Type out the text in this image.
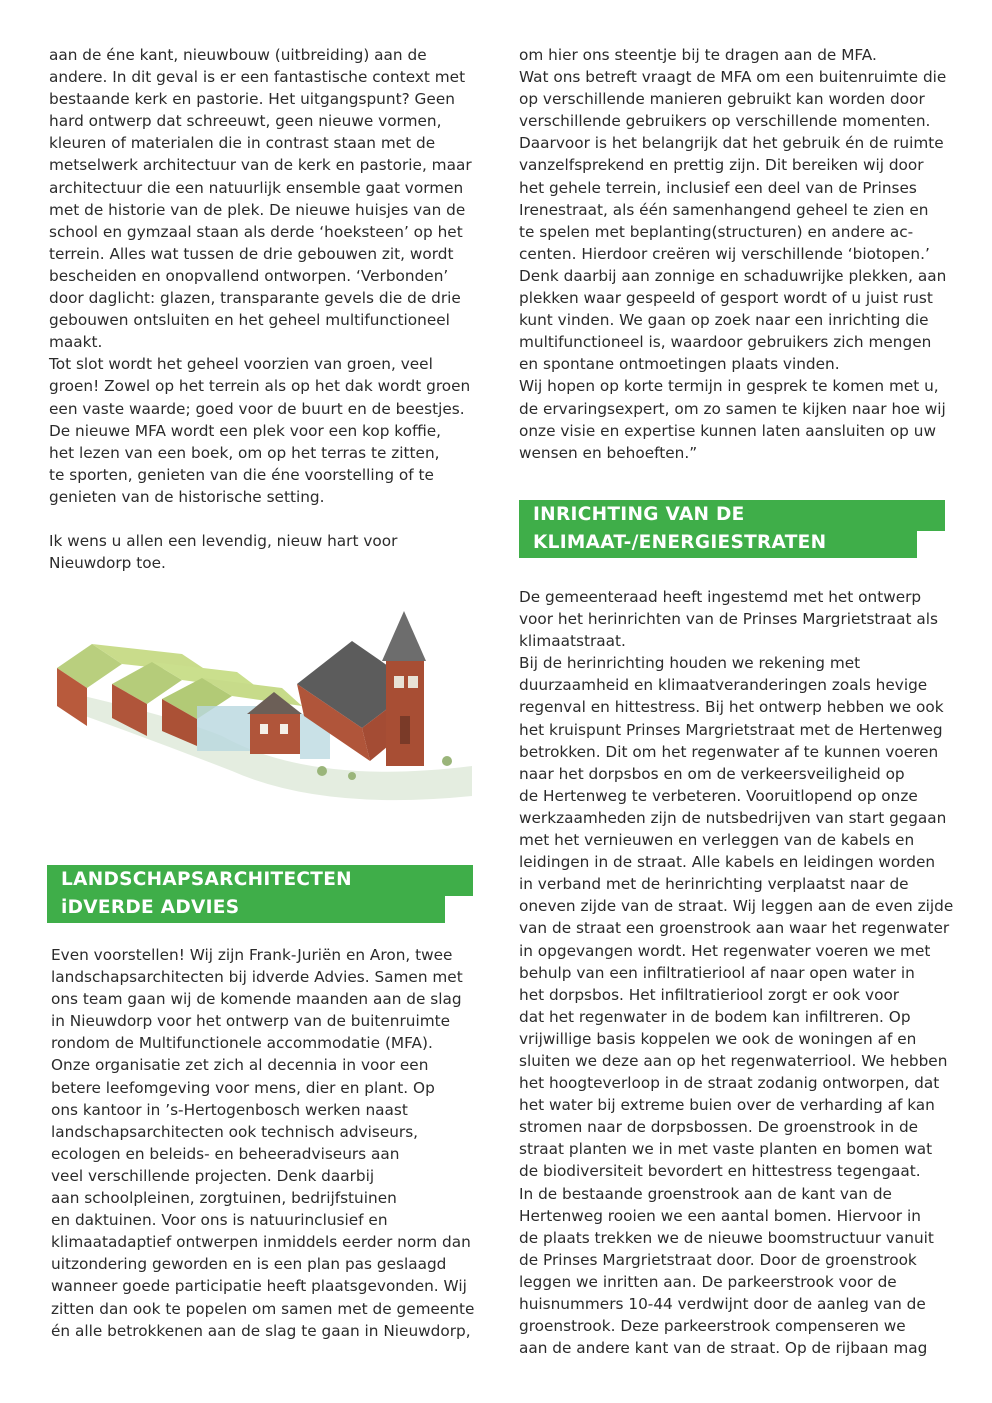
aan de éne kant, nieuwbouw (uitbreiding) aan de
andere. In dit geval is er een fantastische context met
bestaande kerk en pastorie. Het uitgangspunt? Geen
hard ontwerp dat schreeuwt, geen nieuwe vormen,
kleuren of materialen die in contrast staan met de
metselwerk architectuur van de kerk en pastorie, maar
architectuur die een natuurlijk ensemble gaat vormen
met de historie van de plek. De nieuwe huisjes van de
school en gymzaal staan als derde ‘hoeksteen’ op het
terrein. Alles wat tussen de drie gebouwen zit, wordt
bescheiden en onopvallend ontworpen. ‘Verbonden’
door daglicht: glazen, transparante gevels die de drie
gebouwen ontsluiten en het geheel multifunctioneel
maakt.
Tot slot wordt het geheel voorzien van groen, veel
groen! Zowel op het terrein als op het dak wordt groen
een vaste waarde; goed voor de buurt en de beestjes.
De nieuwe MFA wordt een plek voor een kop koffie,
het lezen van een boek, om op het terras te zitten,
te sporten, genieten van die éne voorstelling of te
genieten van de historische setting.
Ik wens u allen een levendig, nieuw hart voor
Nieuwdorp toe.
LANDSCHAPSARCHITECTEN
iDVERDE ADVIES
Even voorstellen! Wij zijn Frank-Juriën en Aron, twee
landschapsarchitecten bij idverde Advies. Samen met
ons team gaan wij de komende maanden aan de slag
in Nieuwdorp voor het ontwerp van de buitenruimte
rondom de Multifunctionele accommodatie (MFA).
Onze organisatie zet zich al decennia in voor een
betere leefomgeving voor mens, dier en plant. Op
ons kantoor in ’s-Hertogenbosch werken naast
landschapsarchitecten ook technisch adviseurs,
ecologen en beleids- en beheeradviseurs aan
veel verschillende projecten. Denk daarbij
aan schoolpleinen, zorgtuinen, bedrijfstuinen
en daktuinen. Voor ons is natuurinclusief en
klimaatadaptief ontwerpen inmiddels eerder norm dan
uitzondering geworden en is een plan pas geslaagd
wanneer goede participatie heeft plaatsgevonden. Wij
zitten dan ook te popelen om samen met de gemeente
én alle betrokkenen aan de slag te gaan in Nieuwdorp,
om hier ons steentje bij te dragen aan de MFA.
Wat ons betreft vraagt de MFA om een buitenruimte die
op verschillende manieren gebruikt kan worden door
verschillende gebruikers op verschillende momenten.
Daarvoor is het belangrijk dat het gebruik én de ruimte
vanzelfsprekend en prettig zijn. Dit bereiken wij door
het gehele terrein, inclusief een deel van de Prinses
Irenestraat, als één samenhangend geheel te zien en
te spelen met beplanting(structuren) en andere ac-
centen. Hierdoor creëren wij verschillende ‘biotopen.’
Denk daarbij aan zonnige en schaduwrijke plekken, aan
plekken waar gespeeld of gesport wordt of u juist rust
kunt vinden. We gaan op zoek naar een inrichting die
multifunctioneel is, waardoor gebruikers zich mengen
en spontane ontmoetingen plaats vinden.
Wij hopen op korte termijn in gesprek te komen met u,
de ervaringsexpert, om zo samen te kijken naar hoe wij
onze visie en expertise kunnen laten aansluiten op uw
wensen en behoeften.”
INRICHTING VAN DE
KLIMAAT-/ENERGIESTRATEN
De gemeenteraad heeft ingestemd met het ontwerp
voor het herinrichten van de Prinses Margrietstraat als
klimaatstraat.
Bij de herinrichting houden we rekening met
duurzaamheid en klimaatveranderingen zoals hevige
regenval en hittestress. Bij het ontwerp hebben we ook
het kruispunt Prinses Margrietstraat met de Hertenweg
betrokken. Dit om het regenwater af te kunnen voeren
naar het dorpsbos en om de verkeersveiligheid op
de Hertenweg te verbeteren. Vooruitlopend op onze
werkzaamheden zijn de nutsbedrijven van start gegaan
met het vernieuwen en verleggen van de kabels en
leidingen in de straat. Alle kabels en leidingen worden
in verband met de herinrichting verplaatst naar de
oneven zijde van de straat. Wij leggen aan de even zijde
van de straat een groenstrook aan waar het regenwater
in opgevangen wordt. Het regenwater voeren we met
behulp van een infiltratieriool af naar open water in
het dorpsbos. Het infiltratieriool zorgt er ook voor
dat het regenwater in de bodem kan infiltreren. Op
vrijwillige basis koppelen we ook de woningen af en
sluiten we deze aan op het regenwaterriool. We hebben
het hoogteverloop in de straat zodanig ontworpen, dat
het water bij extreme buien over de verharding af kan
stromen naar de dorpsbossen. De groenstrook in de
straat planten we in met vaste planten en bomen wat
de biodiversiteit bevordert en hittestress tegengaat.
In de bestaande groenstrook aan de kant van de
Hertenweg rooien we een aantal bomen. Hiervoor in
de plaats trekken we de nieuwe boomstructuur vanuit
de Prinses Margrietstraat door. Door de groenstrook
leggen we inritten aan. De parkeerstrook voor de
huisnummers 10-44 verdwijnt door de aanleg van de
groenstrook. Deze parkeerstrook compenseren we
aan de andere kant van de straat. Op de rijbaan mag
